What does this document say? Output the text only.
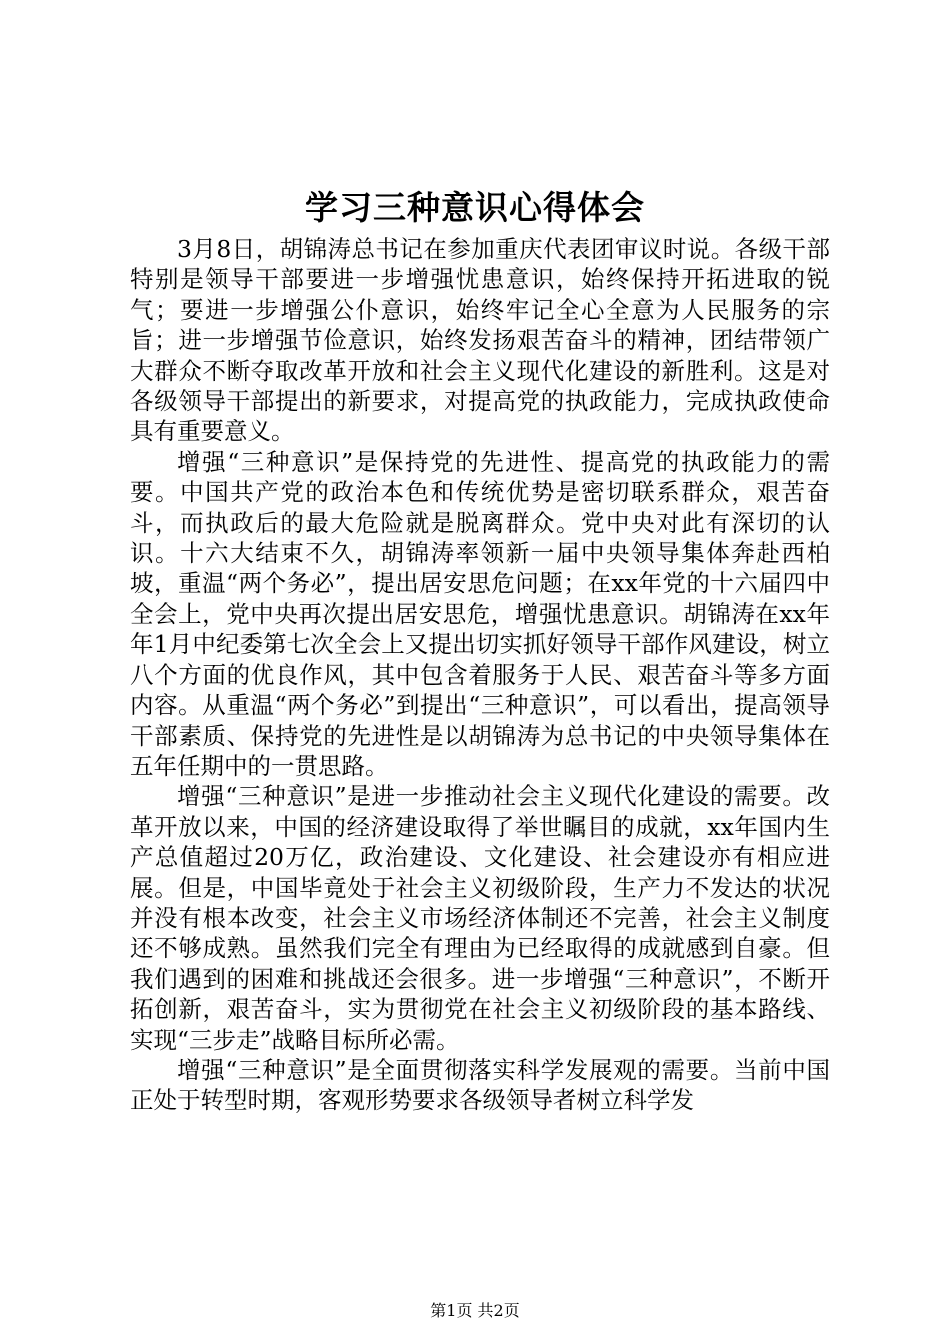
学习三种意识心得体会

3月8日，胡锦涛总书记在参加重庆代表团审议时说。各级干部特别是领导干部要进一步增强忧患意识，始终保持开拓进取的锐气；要进一步增强公仆意识，始终牢记全心全意为人民服务的宗旨；进一步增强节俭意识，始终发扬艰苦奋斗的精神，团结带领广大群众不断夺取改革开放和社会主义现代化建设的新胜利。这是对各级领导干部提出的新要求，对提高党的执政能力，完成执政使命具有重要意义。

增强“三种意识”是保持党的先进性、提高党的执政能力的需要。中国共产党的政治本色和传统优势是密切联系群众，艰苦奋斗，而执政后的最大危险就是脱离群众。党中央对此有深切的认识。十六大结束不久，胡锦涛率领新一届中央领导集体奔赴西柏坡，重温“两个务必”，提出居安思危问题；在xx年党的十六届四中全会上，党中央再次提出居安思危，增强忧患意识。胡锦涛在xx年年1月中纪委第七次全会上又提出切实抓好领导干部作风建设，树立八个方面的优良作风，其中包含着服务于人民、艰苦奋斗等多方面内容。从重温“两个务必”到提出“三种意识”，可以看出，提高领导干部素质、保持党的先进性是以胡锦涛为总书记的中央领导集体在五年任期中的一贯思路。

增强“三种意识”是进一步推动社会主义现代化建设的需要。改革开放以来，中国的经济建设取得了举世瞩目的成就，xx年国内生产总值超过20万亿，政治建设、文化建设、社会建设亦有相应进展。但是，中国毕竟处于社会主义初级阶段，生产力不发达的状况并没有根本改变，社会主义市场经济体制还不完善，社会主义制度还不够成熟。虽然我们完全有理由为已经取得的成就感到自豪。但我们遇到的困难和挑战还会很多。进一步增强“三种意识”，不断开拓创新，艰苦奋斗，实为贯彻党在社会主义初级阶段的基本路线、实现“三步走”战略目标所必需。

增强“三种意识”是全面贯彻落实科学发展观的需要。当前中国正处于转型时期，客观形势要求各级领导者树立科学发

第1页 共2页
